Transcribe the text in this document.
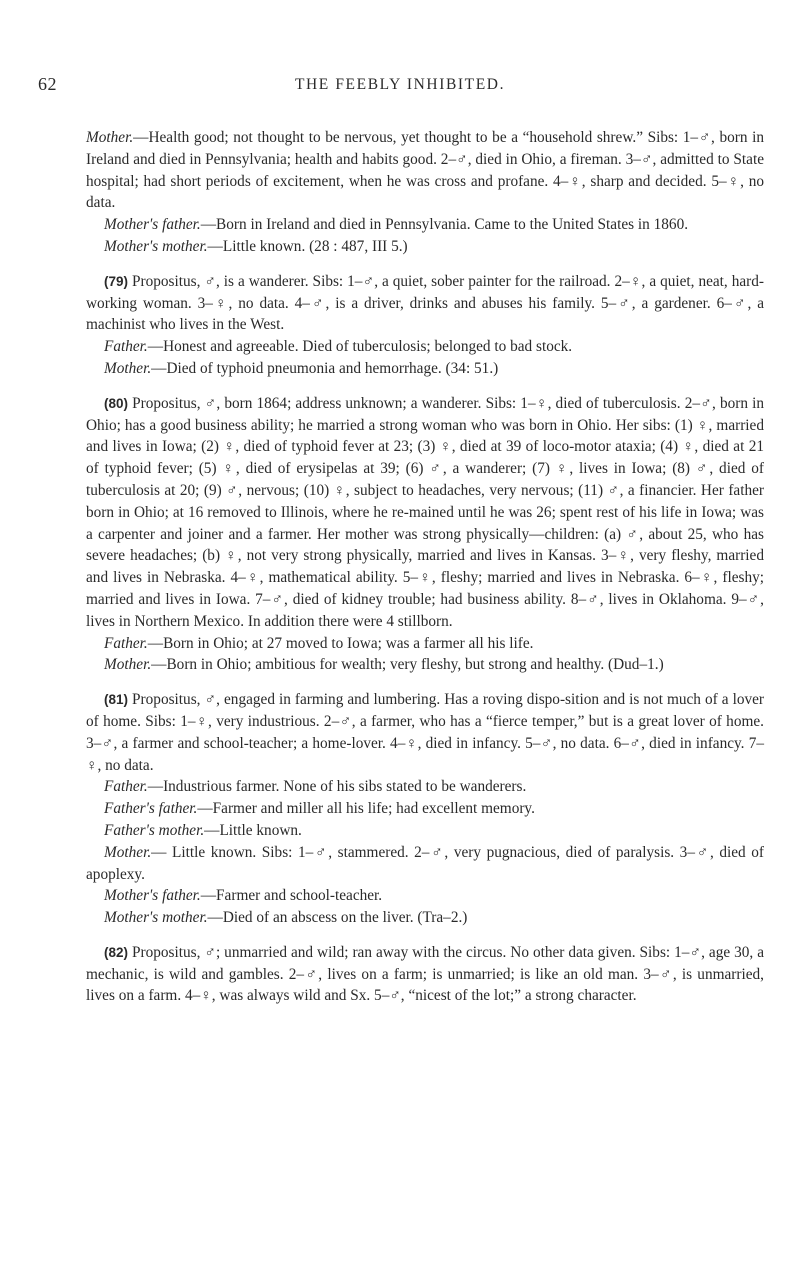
62	THE FEEBLY INHIBITED.

Mother.—Health good; not thought to be nervous, yet thought to be a “household shrew.” Sibs: 1–♂, born in Ireland and died in Pennsylvania; health and habits good. 2–♂, died in Ohio, a fireman. 3–♂, admitted to State hospital; had short periods of excitement, when he was cross and profane. 4–♀, sharp and decided. 5–♀, no data.

Mother's father.—Born in Ireland and died in Pennsylvania. Came to the United States in 1860.

Mother's mother.—Little known. (28 : 487, III 5.)

(79) Propositus, ♂, is a wanderer. Sibs: 1–♂, a quiet, sober painter for the railroad. 2–♀, a quiet, neat, hard-working woman. 3–♀, no data. 4–♂, is a driver, drinks and abuses his family. 5–♂, a gardener. 6–♂, a machinist who lives in the West.

Father.—Honest and agreeable. Died of tuberculosis; belonged to bad stock.

Mother.—Died of typhoid pneumonia and hemorrhage. (34: 51.)

(80) Propositus, ♂, born 1864; address unknown; a wanderer. Sibs: 1–♀, died of tuberculosis. 2–♂, born in Ohio; has a good business ability; he married a strong woman who was born in Ohio. Her sibs: (1) ♀, married and lives in Iowa; (2) ♀, died of typhoid fever at 23; (3) ♀, died at 39 of loco-motor ataxia; (4) ♀, died at 21 of typhoid fever; (5) ♀, died of erysipelas at 39; (6) ♂, a wanderer; (7) ♀, lives in Iowa; (8) ♂, died of tuberculosis at 20; (9) ♂, nervous; (10) ♀, subject to headaches, very nervous; (11) ♂, a financier. Her father born in Ohio; at 16 removed to Illinois, where he re-mained until he was 26; spent rest of his life in Iowa; was a carpenter and joiner and a farmer. Her mother was strong physically—children: (a) ♂, about 25, who has severe headaches; (b) ♀, not very strong physically, married and lives in Kansas. 3–♀, very fleshy, married and lives in Nebraska. 4–♀, mathematical ability. 5–♀, fleshy; married and lives in Nebraska. 6–♀, fleshy; married and lives in Iowa. 7–♂, died of kidney trouble; had business ability. 8–♂, lives in Oklahoma. 9–♂, lives in Northern Mexico. In addition there were 4 stillborn.

Father.—Born in Ohio; at 27 moved to Iowa; was a farmer all his life.

Mother.—Born in Ohio; ambitious for wealth; very fleshy, but strong and healthy. (Dud–1.)

(81) Propositus, ♂, engaged in farming and lumbering. Has a roving dispo-sition and is not much of a lover of home. Sibs: 1–♀, very industrious. 2–♂, a farmer, who has a “fierce temper,” but is a great lover of home. 3–♂, a farmer and school-teacher; a home-lover. 4–♀, died in infancy. 5–♂, no data. 6–♂, died in infancy. 7–♀, no data.

Father.—Industrious farmer. None of his sibs stated to be wanderers.

Father's father.—Farmer and miller all his life; had excellent memory.

Father's mother.—Little known.

Mother.— Little known. Sibs: 1–♂, stammered. 2–♂, very pugnacious, died of paralysis. 3–♂, died of apoplexy.

Mother's father.—Farmer and school-teacher.

Mother's mother.—Died of an abscess on the liver. (Tra–2.)

(82) Propositus, ♂; unmarried and wild; ran away with the circus. No other data given. Sibs: 1–♂, age 30, a mechanic, is wild and gambles. 2–♂, lives on a farm; is unmarried; is like an old man. 3–♂, is unmarried, lives on a farm. 4–♀, was always wild and Sx. 5–♂, “nicest of the lot;” a strong character.
